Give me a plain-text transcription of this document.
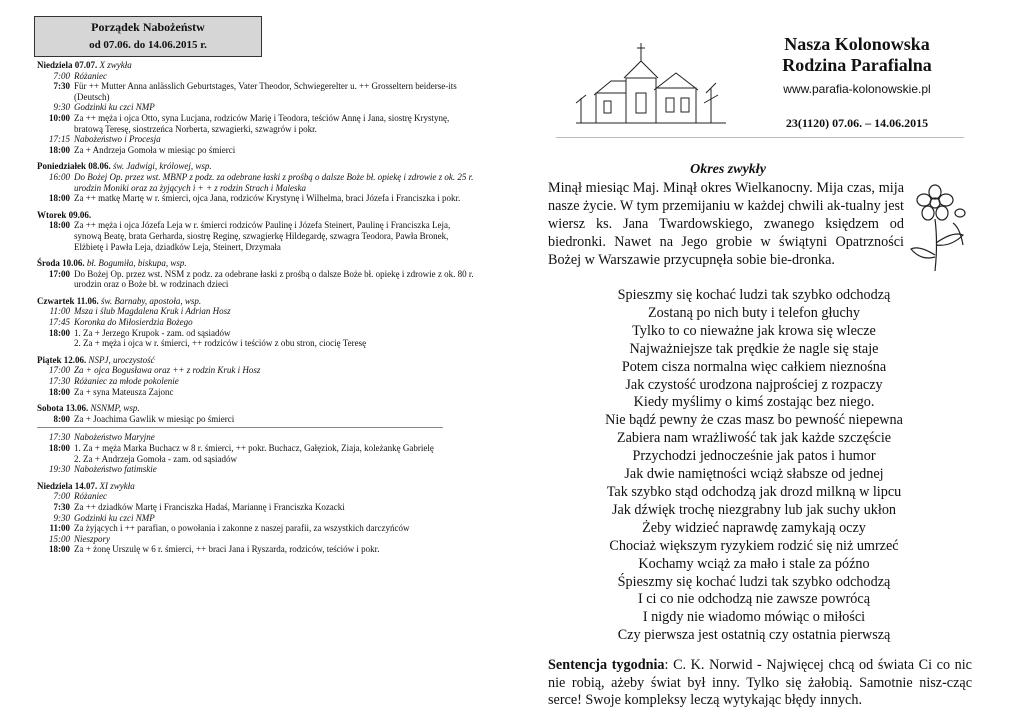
Porządek Nabożeństw
od 07.06. do 14.06.2015 r.
Niedziela 07.07. X zwykła
7:00 Różaniec
7:30 Für ++ Mutter Anna anlässlich Geburtstages, Vater Theodor, Schwiegerelter u. ++ Grosseltern beiderse-its (Deutsch)
9:30 Godzinki ku czci NMP
10:00 Za ++ męża i ojca Otto, syna Lucjana, rodziców Marię i Teodora, teściów Annę i Jana, siostrę Krystynę, bratową Teresę, siostrzeńca Norberta, szwagierki, szwagrów i pokr.
17:15 Nabożeństwo i Procesja
18:00 Za + Andrzeja Gomoła w miesiąc po śmierci
Poniedziałek 08.06. św. Jadwigi, królowej, wsp.
16:00 Do Bożej Op. przez wst. MBNP z podz. za odebrane łaski z prośbą o dalsze Boże bł. opiekę i zdrowie z ok. 25 r. urodzin Moniki oraz za żyjących i + + z rodzin Strach i Maleska
18:00 Za ++ matkę Martę w r. śmierci, ojca Jana, rodziców Krystynę i Wilhelma, braci Józefa i Franciszka i pokr.
Wtorek 09.06.
18:00 Za ++ męża i ojca Józefa Leja w r. śmierci rodziców Paulinę i Józefa Steinert, Paulinę i Franciszka Leja, synową Beatę, brata Gerharda, siostrę Reginę, szwagierkę Hildegardę, szwagra Teodora, Pawła Bronek, Elżbietę i Pawła Leja, dziadków Leja, Steinert, Drzymała
Środa 10.06. bł. Bogumiła, biskupa, wsp.
17:00 Do Bożej Op. przez wst. NSM z podz. za odebrane łaski z prośbą o dalsze Boże bł. opiekę i zdrowie z ok. 80 r. urodzin oraz o Boże bł. w rodzinach dzieci
Czwartek 11.06. św. Barnaby, apostoła, wsp.
11:00 Msza i ślub Magdalena Kruk i Adrian Hosz
17:45 Koronka do Miłosierdzia Bożego
18:00 1. Za + Jerzego Krupok - zam. od sąsiadów
2. Za + męża i ojca w r. śmierci, ++ rodziców i teściów z obu stron, ciocię Teresę
Piątek 12.06. NSPJ, uroczystość
17:00 Za + ojca Bogusława oraz ++ z rodzin Kruk i Hosz
17:30 Różaniec za młode pokolenie
18:00 Za + syna Mateusza Zajonc
Sobota 13.06. NSNMP, wsp.
8:00 Za + Joachima Gawlik w miesiąc po śmierci
17:30 Nabożeństwo Maryjne
18:00 1. Za + męża Marka Buchacz w 8 r. śmierci, ++ pokr. Buchacz, Gałęziok, Ziaja, koleżankę Gabrielę
2. Za + Andrzeja Gomoła - zam. od sąsiadów
19:30 Nabożeństwo fatimskie
Niedziela 14.07. XI zwykła
7:00 Różaniec
7:30 Za ++ dziadków Martę i Franciszka Hadaś, Mariannę i Franciszka Kozacki
9:30 Godzinki ku czci NMP
11:00 Za żyjących i ++ parafian, o powołania i zakonne z naszej parafii, za wszystkich darczyńców
15:00 Nieszpory
18:00 Za + żonę Urszulę w 6 r. śmierci, ++ braci Jana i Ryszarda, rodziców, teściów i pokr.
Nasza Kolonowska
Rodzina Parafialna
www.parafia-kolonowskie.pl
23(1120) 07.06. – 14.06.2015
Okres zwykły
Minął miesiąc Maj. Minął okres Wielkanocny. Mija czas, mija nasze życie. W tym przemijaniu w każdej chwili ak-tualny jest wiersz ks. Jana Twardowskiego, zwanego księdzem od biedronki. Nawet na Jego grobie w świątyni Opatrzności Bożej w Warszawie przycupnęła sobie bie-dronka.
Spieszmy się kochać ludzi tak szybko odchodzą
Zostaną po nich buty i telefon głuchy
Tylko to co nieważne jak krowa się wlecze
Najważniejsze tak prędkie że nagle się staje
Potem cisza normalna więc całkiem nieznośna
Jak czystość urodzona najprościej z rozpaczy
Kiedy myślimy o kimś zostając bez niego.
Nie bądź pewny że czas masz bo pewność niepewna
Zabiera nam wrażliwość tak jak każde szczęście
Przychodzi jednocześnie jak patos i humor
Jak dwie namiętności wciąż słabsze od jednej
Tak szybko stąd odchodzą jak drozd milkną w lipcu
Jak dźwięk trochę niezgrabny lub jak suchy ukłon
Żeby widzieć naprawdę zamykają oczy
Chociaż większym ryzykiem rodzić się niż umrzeć
Kochamy wciąż za mało i stale za późno
Śpieszmy się kochać ludzi tak szybko odchodzą
I ci co nie odchodzą nie zawsze powrócą
I nigdy nie wiadomo mówiąc o miłości
Czy pierwsza jest ostatnią czy ostatnia pierwszą
Sentencja tygodnia: C. K. Norwid - Najwięcej chcą od świata Ci co nic nie robią, ażeby świat był inny. Tylko się żałobią. Samotnie nisz-cząc serce! Swoje kompleksy leczą wytykając błędy innych.
